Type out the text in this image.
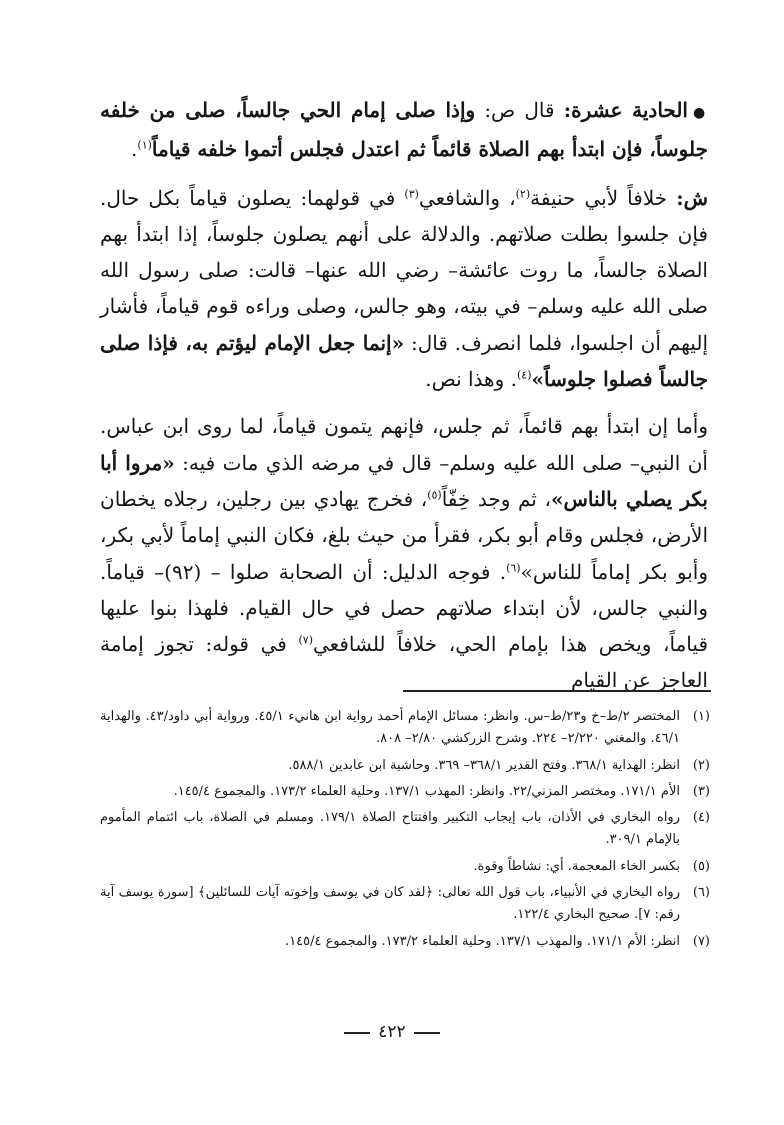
●الحادية عشرة: قال ص: وإذا صلى إمام الحي جالساً، صلى من خلفه جلوساً، فإن ابتدأ بهم الصلاة قائماً ثم اعتدل فجلس أتموا خلفه قياماً$^{(١)}$.

ش: خلافاً لأبي حنيفة$^{(٢)}$، والشافعي$^{(٣)}$ في قولهما: يصلون قياماً بكل حال. فإن جلسوا بطلت صلاتهم. والدلالة على أنهم يصلون جلوساً، إذا ابتدأ بهم الصلاة جالساً، ما روت عائشة– رضي الله عنها– قالت: صلى رسول الله صلى الله عليه وسلم– في بيته، وهو جالس، وصلى وراءه قوم قياماً، فأشار إليهم أن اجلسوا، فلما انصرف. قال: «إنما جعل الإمام ليؤتم به، فإذا صلى جالساً فصلوا جلوساً»$^{(٤)}$. وهذا نص.

وأما إن ابتدأ بهم قائماً، ثم جلس، فإنهم يتمون قياماً، لما روى ابن عباس. أن النبي– صلى الله عليه وسلم– قال في مرضه الذي مات فيه: «مروا أبا بكر يصلي بالناس»، ثم وجد خِفّاً$^{(٥)}$، فخرج يهادي بين رجلين، رجلاه يخطان الأرض، فجلس وقام أبو بكر، فقرأ من حيث بلغ، فكان النبي إماماً لأبي بكر، وأبو بكر إماماً للناس»$^{(٦)}$. فوجه الدليل: أن الصحابة صلوا – (٩٢)– قياماً. والنبي جالس، لأن ابتداء صلاتهم حصل في حال القيام. فلهذا بنوا عليها قياماً، ويخص هذا بإمام الحي، خلافاً للشافعي$^{(٧)}$ في قوله: تجوز إمامة العاجز عن القيام

(١)
المختصر ٢/ط–خ و٢٣/ط–س. وانظر: مسائل الإمام أحمد رواية ابن هانيء ٤٥/١. ورواية أبي داود/٤٣. والهداية ٤٦/١. والمغني ٢/٢٢٠– ٢٢٤. وشرح الزركشي ٢/٨٠– ٨٠٨.
(٢)
انظر: الهداية ٣٦٨/١. وفتح القدير ٣٦٨/١– ٣٦٩. وحاشية ابن عابدين ٥٨٨/١.
(٣)
الأم ١٧١/١. ومختصر المزني/٢٢. وانظر: المهذب ١٣٧/١. وحلية العلماء ١٧٣/٢. والمجموع ١٤٥/٤.
(٤)
رواه البخاري في الأذان، باب إيجاب التكبير وافتتاح الصلاة ١٧٩/١. ومسلم في الصلاة، باب ائتمام المأموم بالإمام ٣٠٩/١.
(٥)
بكسر الخاء المعجمة. أي: نشاطاً وقوة.
(٦)
رواه البخاري في الأنبياء، باب قول الله تعالى: ﴿لقد كان في يوسف وإخوته آيات للسائلين﴾ [سورة يوسف آية رقم: ٧]. صحيح البخاري ١٢٢/٤.
(٧)
انظر: الأم ١٧١/١. والمهذب ١٣٧/١. وحلية العلماء ١٧٣/٢. والمجموع ١٤٥/٤.
٤٢٢
